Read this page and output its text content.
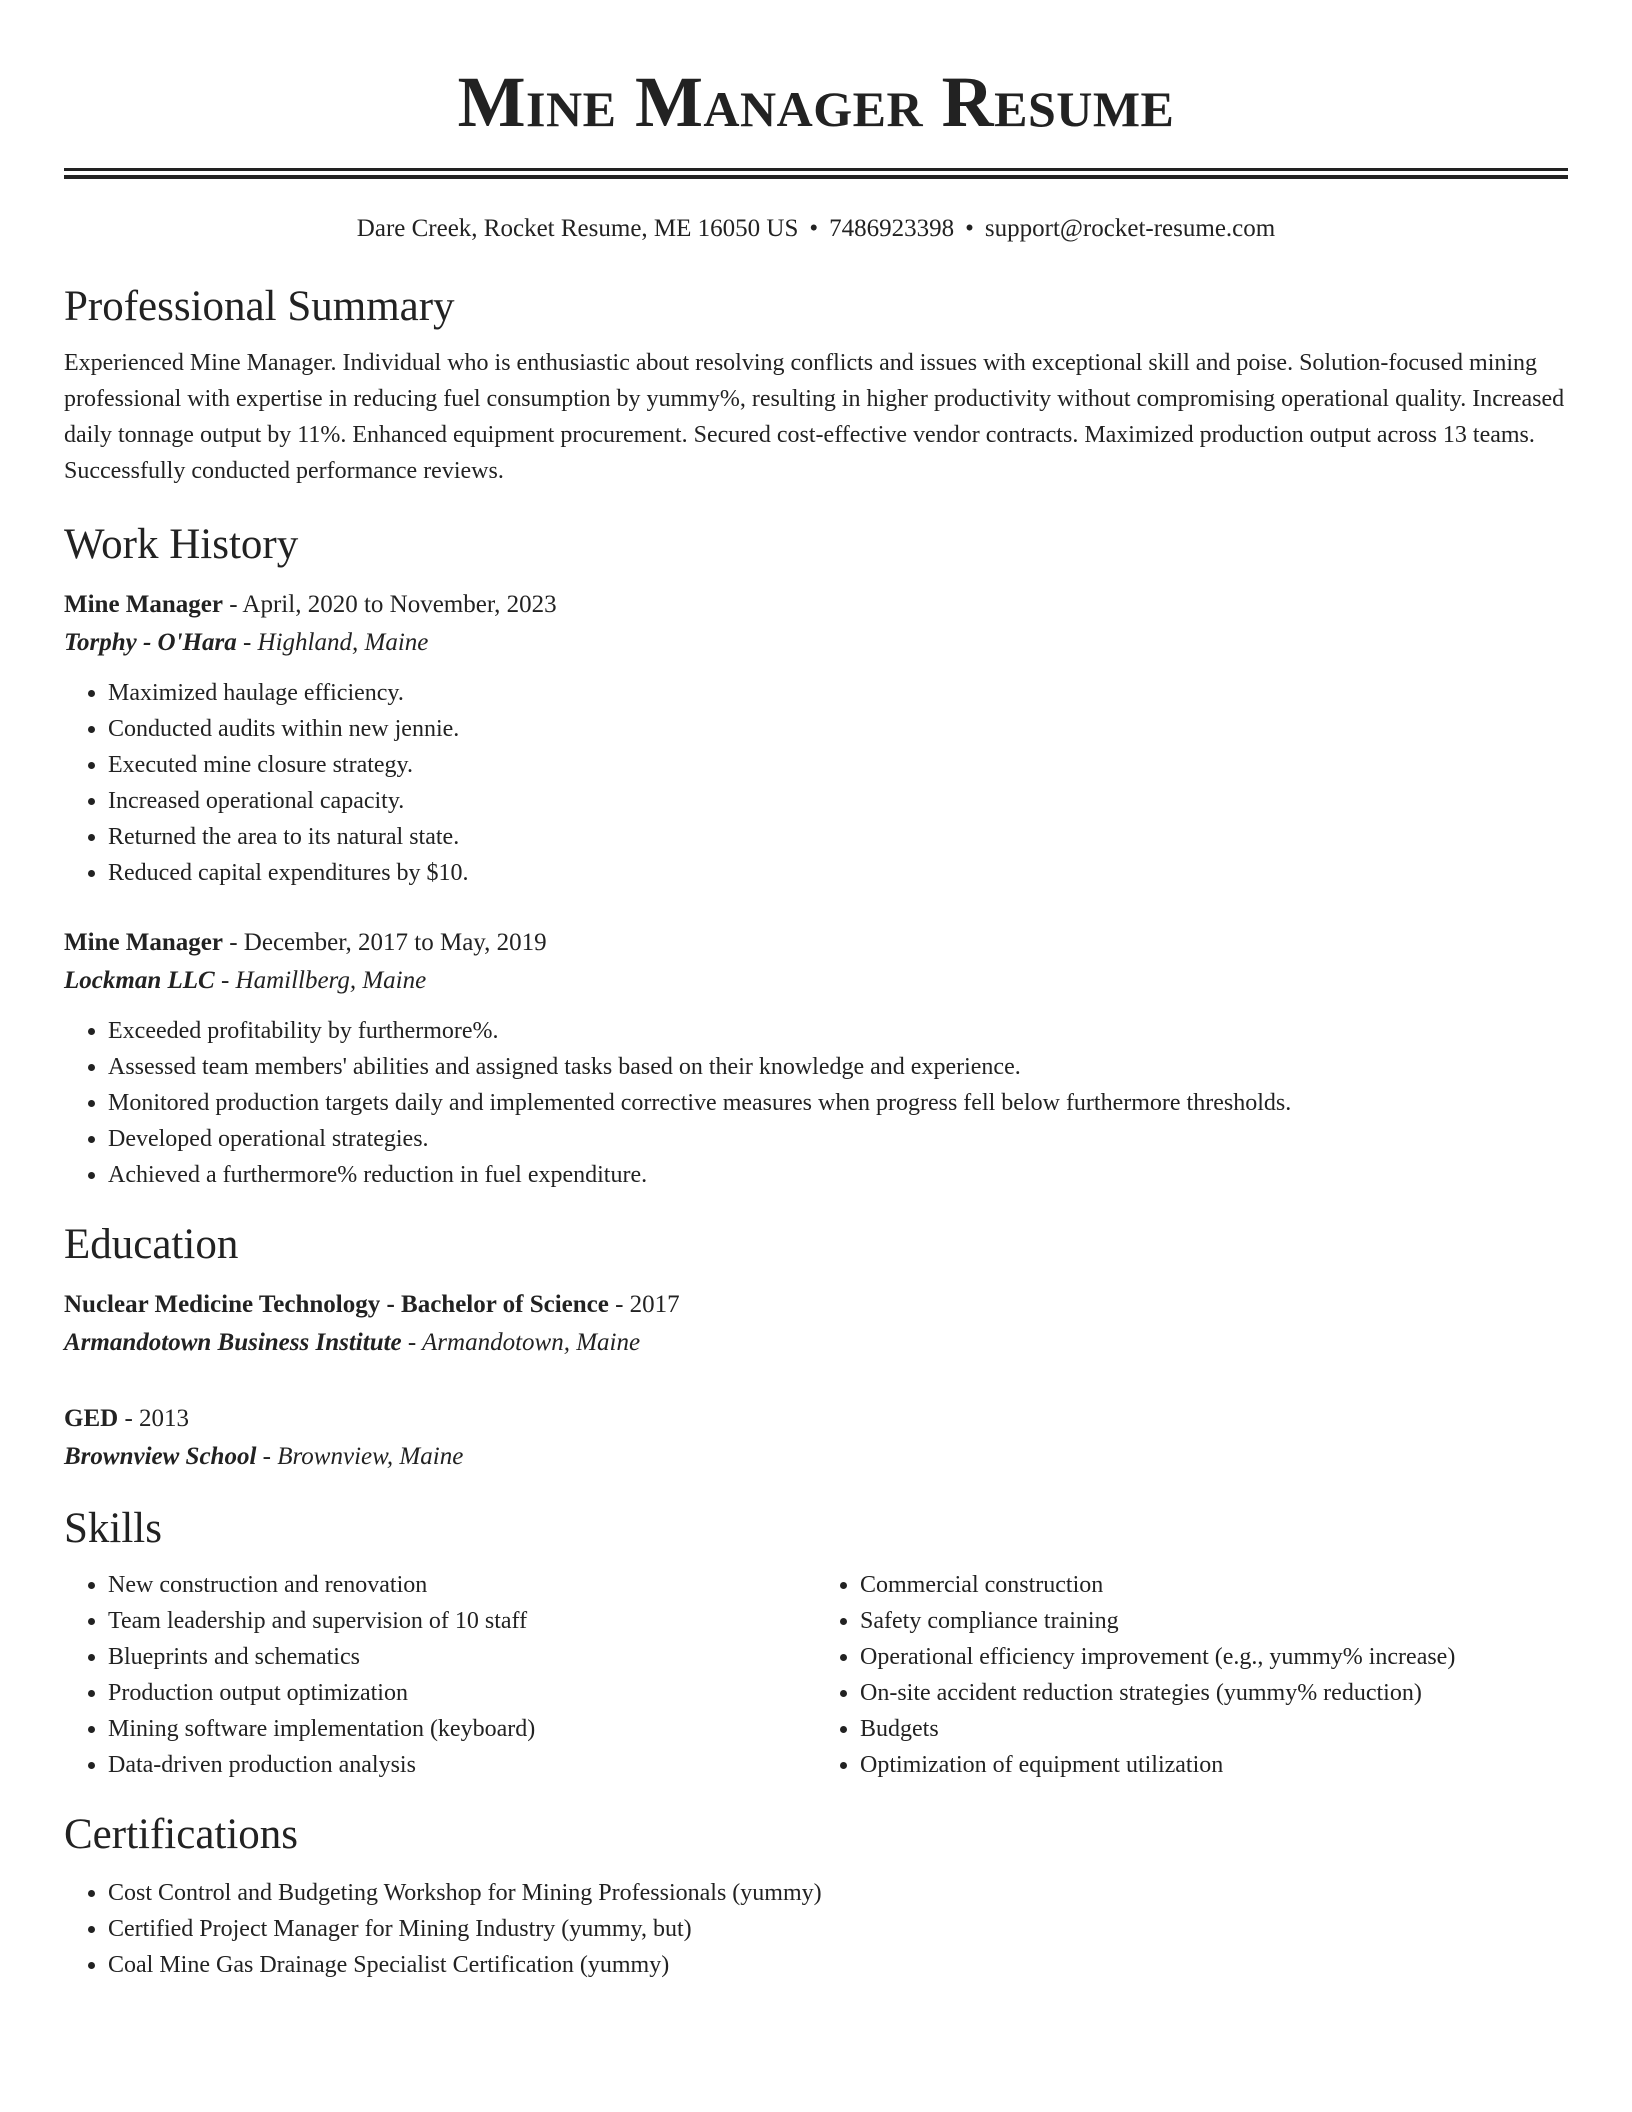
Mine Manager Resume
Dare Creek, Rocket Resume, ME 16050 US • 7486923398 • support@rocket-resume.com
Professional Summary

Experienced Mine Manager. Individual who is enthusiastic about resolving conflicts and issues with exceptional skill and poise. Solution-focused mining professional with expertise in reducing fuel consumption by yummy%, resulting in higher productivity without compromising operational quality. Increased daily tonnage output by 11%. Enhanced equipment procurement. Secured cost-effective vendor contracts. Maximized production output across 13 teams. Successfully conducted performance reviews.

Work History
Mine Manager - April, 2020 to November, 2023
Torphy - O'Hara - Highland, Maine
• Maximized haulage efficiency.
• Conducted audits within new jennie.
• Executed mine closure strategy.
• Increased operational capacity.
• Returned the area to its natural state.
• Reduced capital expenditures by $10.
Mine Manager - December, 2017 to May, 2019
Lockman LLC - Hamillberg, Maine
• Exceeded profitability by furthermore%.
• Assessed team members' abilities and assigned tasks based on their knowledge and experience.
• Monitored production targets daily and implemented corrective measures when progress fell below furthermore thresholds.
• Developed operational strategies.
• Achieved a furthermore% reduction in fuel expenditure.
Education
Nuclear Medicine Technology - Bachelor of Science - 2017
Armandotown Business Institute - Armandotown, Maine
GED - 2013
Brownview School - Brownview, Maine
Skills
• New construction and renovation
• Team leadership and supervision of 10 staff
• Blueprints and schematics
• Production output optimization
• Mining software implementation (keyboard)
• Data-driven production analysis
• Commercial construction
• Safety compliance training
• Operational efficiency improvement (e.g., yummy% increase)
• On-site accident reduction strategies (yummy% reduction)
• Budgets
• Optimization of equipment utilization
Certifications
• Cost Control and Budgeting Workshop for Mining Professionals (yummy)
• Certified Project Manager for Mining Industry (yummy, but)
• Coal Mine Gas Drainage Specialist Certification (yummy)
